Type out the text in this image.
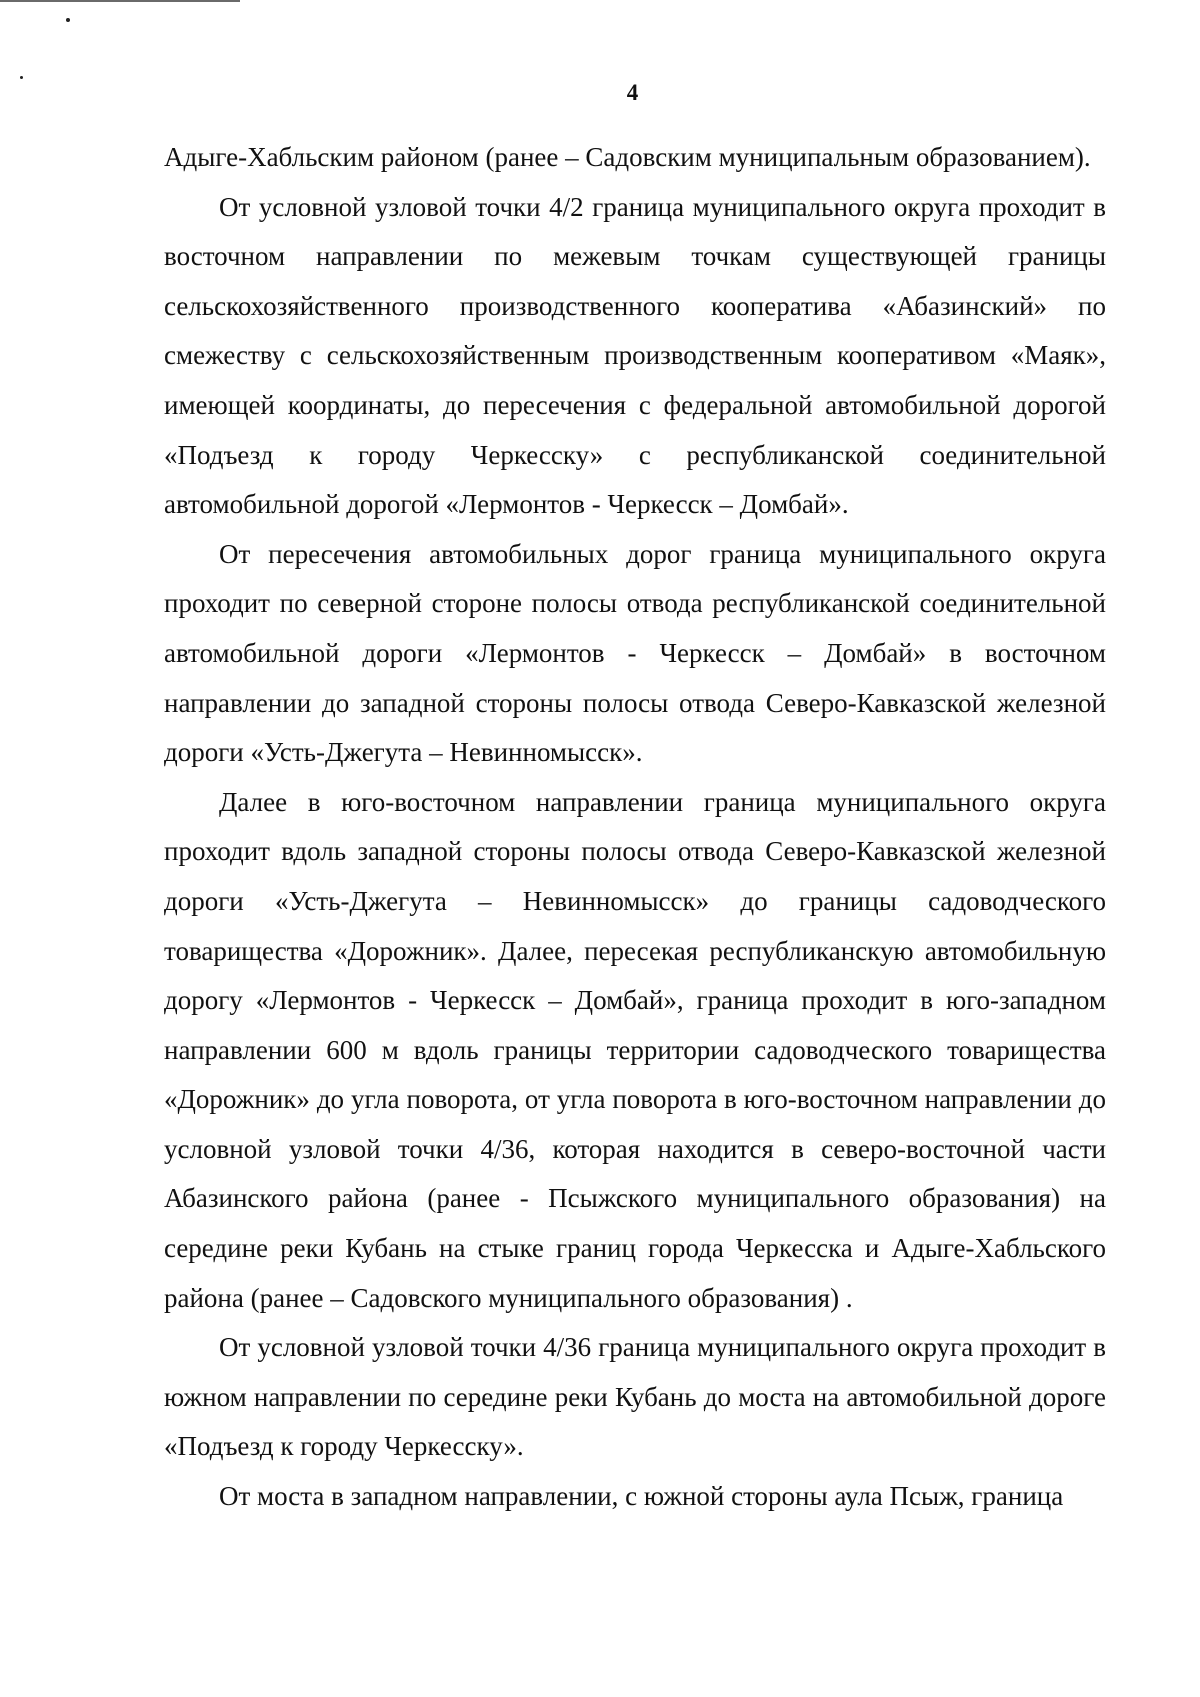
4

Адыге-Хабльским районом (ранее – Садовским муниципальным образованием).

От условной узловой точки 4/2 граница муниципального округа проходит в восточном направлении по межевым точкам существующей границы сельскохозяйственного производственного кооператива «Абазинский» по смежеству с сельскохозяйственным производственным кооперативом «Маяк», имеющей координаты, до пересечения с федеральной автомобильной дорогой «Подъезд к городу Черкесску» с республиканской соединительной автомобильной дорогой «Лермонтов - Черкесск – Домбай».

От пересечения автомобильных дорог граница муниципального округа проходит по северной стороне полосы отвода республиканской соединительной автомобильной дороги «Лермонтов - Черкесск – Домбай» в восточном направлении до западной стороны полосы отвода Северо-Кавказской железной дороги «Усть-Джегута – Невинномысск».

Далее в юго-восточном направлении граница муниципального округа проходит вдоль западной стороны полосы отвода Северо-Кавказской железной дороги «Усть-Джегута – Невинномысск» до границы садоводческого товарищества «Дорожник». Далее, пересекая республиканскую автомобильную дорогу «Лермонтов - Черкесск – Домбай», граница проходит в юго-западном направлении 600 м вдоль границы территории садоводческого товарищества «Дорожник» до угла поворота, от угла поворота в юго-восточном направлении до условной узловой точки 4/36, которая находится в северо-восточной части Абазинского района (ранее - Псыжского муниципального образования) на середине реки Кубань на стыке границ города Черкесска и Адыге-Хабльского района (ранее – Садовского муниципального образования) .

От условной узловой точки 4/36 граница муниципального округа проходит в южном направлении по середине реки Кубань до моста на автомобильной дороге «Подъезд к городу Черкесску».

От моста в западном направлении, с южной стороны аула Псыж, граница
